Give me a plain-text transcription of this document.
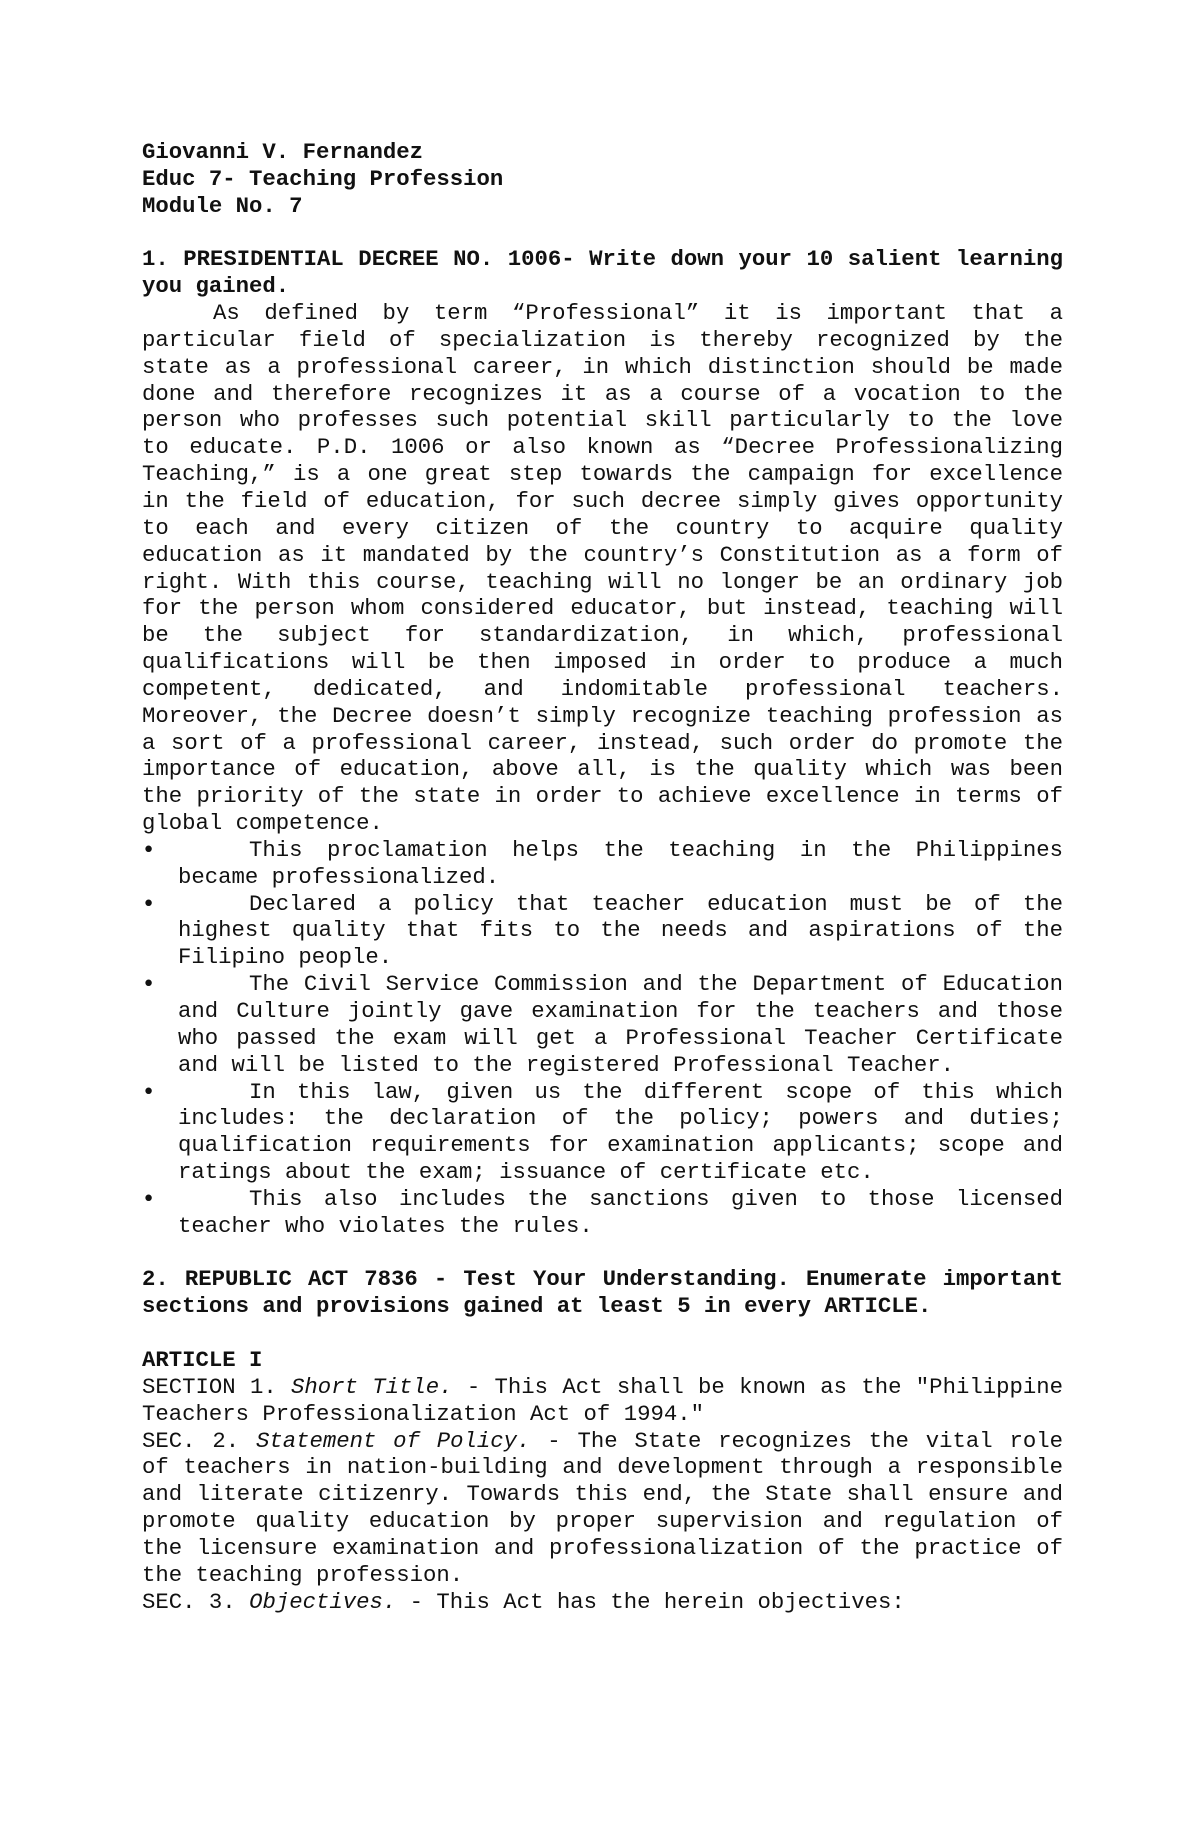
Giovanni V. Fernandez

Educ 7- Teaching Profession

Module No. 7

1. PRESIDENTIAL DECREE NO. 1006- Write down your 10 salient learning you gained.

As defined by term “Professional” it is important that a particular field of specialization is thereby recognized by the state as a professional career, in which distinction should be made done and therefore recognizes it as a course of a vocation to the person who professes such potential skill particularly to the love to educate. P.D. 1006 or also known as “Decree Professionalizing Teaching,” is a one great step towards the campaign for excellence in the field of education, for such decree simply gives opportunity to each and every citizen of the country to acquire quality education as it mandated by the country’s Constitution as a form of right. With this course, teaching will no longer be an ordinary job for the person whom considered educator, but instead, teaching will be the subject for standardization, in which, professional qualifications will be then imposed in order to produce a much competent, dedicated, and indomitable professional teachers. Moreover, the Decree doesn’t simply recognize teaching profession as a sort of a professional career, instead, such order do promote the importance of education, above all, is the quality which was been the priority of the state in order to achieve excellence in terms of global competence.

•	This proclamation helps the teaching in the Philippines became professionalized.
•	Declared a policy that teacher education must be of the highest quality that fits to the needs and aspirations of the Filipino people.
•	The Civil Service Commission and the Department of Education and Culture jointly gave examination for the teachers and those who passed the exam will get a Professional Teacher Certificate and will be listed to the registered Professional Teacher.
•	In this law, given us the different scope of this which includes: the declaration of the policy; powers and duties; qualification requirements for examination applicants; scope and ratings about the exam; issuance of certificate etc.
•	This also includes the sanctions given to those licensed teacher who violates the rules.

2. REPUBLIC ACT 7836 - Test Your Understanding. Enumerate important sections and provisions gained at least 5 in every ARTICLE.

ARTICLE I

SECTION 1. Short Title. - This Act shall be known as the "Philippine Teachers Professionalization Act of 1994."

SEC. 2. Statement of Policy. - The State recognizes the vital role of teachers in nation-building and development through a responsible and literate citizenry. Towards this end, the State shall ensure and promote quality education by proper supervision and regulation of the licensure examination and professionalization of the practice of the teaching profession.

SEC. 3. Objectives. - This Act has the herein objectives:
